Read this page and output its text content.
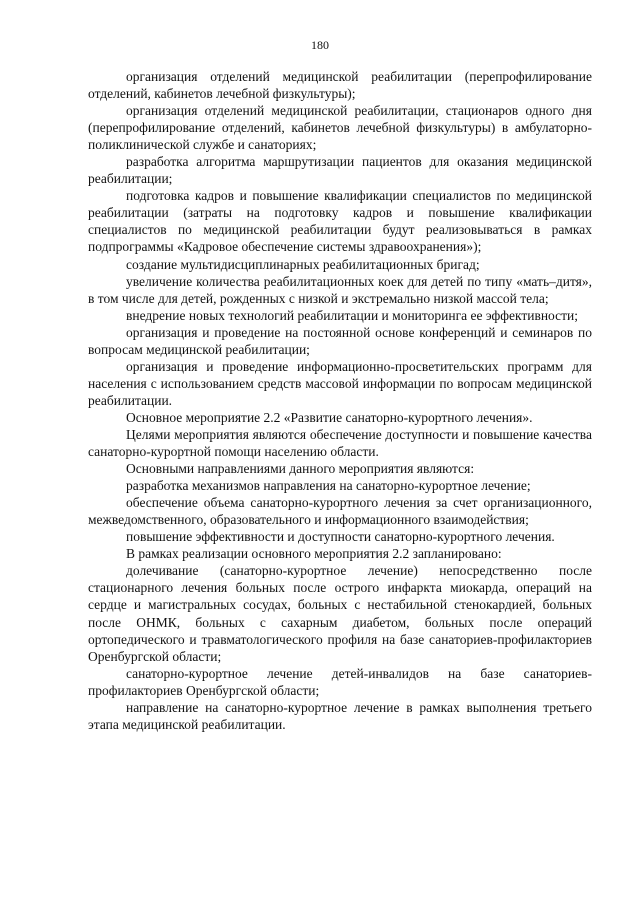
180

организация отделений медицинской реабилитации (перепрофилирование отделений, кабинетов лечебной физкультуры);

организация отделений медицинской реабилитации, стационаров одного дня (перепрофилирование отделений, кабинетов лечебной физкультуры) в амбулаторно-поликлинической службе и санаториях;

разработка алгоритма маршрутизации пациентов для оказания медицинской реабилитации;

подготовка кадров и повышение квалификации специалистов по медицинской реабилитации (затраты на подготовку кадров и повышение квалификации специалистов по медицинской реабилитации будут реализовываться в рамках подпрограммы «Кадровое обеспечение системы здравоохранения»);

создание мультидисциплинарных реабилитационных бригад;

увеличение количества реабилитационных коек для детей по типу «мать–дитя», в том числе для детей, рожденных с низкой и экстремально низкой массой тела;

внедрение новых технологий реабилитации и мониторинга ее эффективности;

организация и проведение на постоянной основе конференций и семинаров по вопросам медицинской реабилитации;

организация и проведение информационно-просветительских программ для населения с использованием средств массовой информации по вопросам медицинской реабилитации.

Основное мероприятие 2.2 «Развитие санаторно-курортного лечения».

Целями мероприятия являются обеспечение доступности и повышение качества санаторно-курортной помощи населению области.

Основными направлениями данного мероприятия являются:

разработка механизмов направления на санаторно-курортное лечение;

обеспечение объема санаторно-курортного лечения за счет организационного, межведомственного, образовательного и информационного взаимодействия;

повышение эффективности и доступности санаторно-курортного лечения.

В рамках реализации основного мероприятия 2.2 запланировано:

долечивание (санаторно-курортное лечение) непосредственно после стационарного лечения больных после острого инфаркта миокарда, операций на сердце и магистральных сосудах, больных с нестабильной стенокардией, больных после ОНМК, больных с сахарным диабетом, больных после операций ортопедического и травматологического профиля на базе санаториев-профилакториев Оренбургской области;

санаторно-курортное лечение детей-инвалидов на базе санаториев-профилакториев Оренбургской области;

направление на санаторно-курортное лечение в рамках выполнения третьего этапа медицинской реабилитации.
